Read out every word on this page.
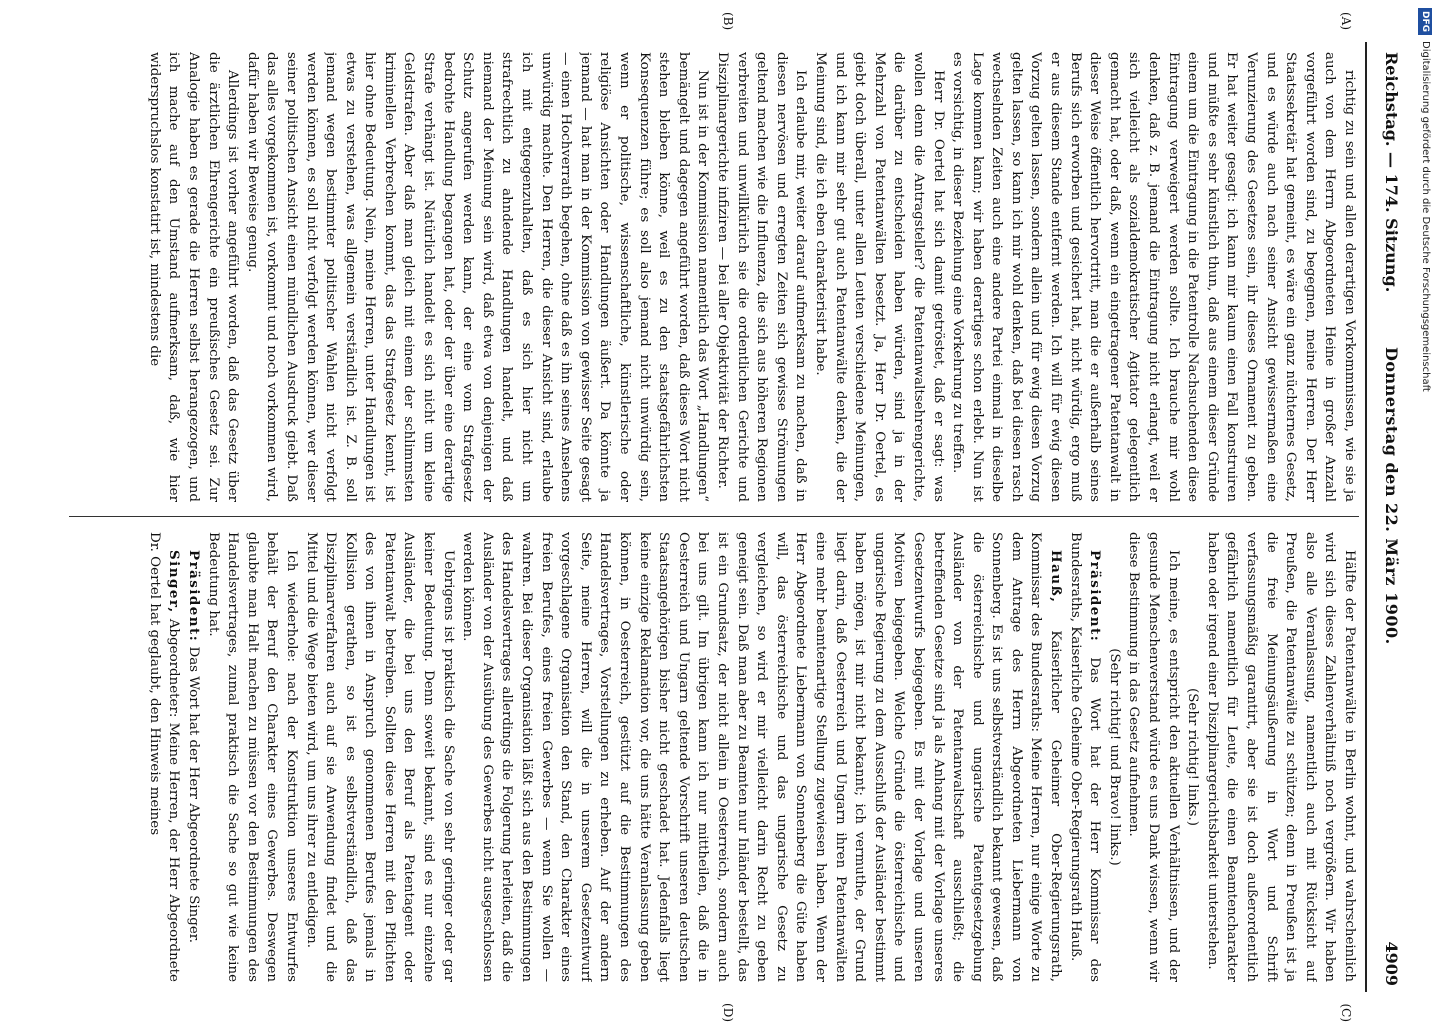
Reichstag. — 174. Sitzung.
Donnerstag den 22. März 1900.
4909
(A)
(B)
(C)
(D)

richtig zu sein und allen derartigen Vorkommnissen, wie sie ja auch von dem Herrn Abgeordneten Heine in großer Anzahl vorgeführt worden sind, zu begegnen, meine Herren. Der Herr Staatssekretär hat gemeint, es wäre ein ganz nüchternes Gesetz, und es würde auch nach seiner Ansicht gewissermaßen eine Verunzierung des Gesetzes sein, ihr dieses Ornament zu geben. Er hat weiter gesagt: ich kann mir kaum einen Fall konstruiren und müßte es sehr künstlich thun, daß aus einem dieser Gründe einem um die Eintragung in die Patentrolle Nachsuchenden diese Eintragung verweigert werden sollte. Ich brauche mir wohl denken, daß z. B. jemand die Eintragung nicht erlangt, weil er sich vielleicht als sozialdemokratischer Agitator gelegentlich gemacht hat, oder daß, wenn ein eingetragener Patentanwalt in dieser Weise öffentlich hervortritt, man die er außerhalb seines Berufs sich erworben und gesichert hat, nicht würdig, ergo muß er aus diesem Stande entfernt werden. Ich will für ewig diesen Vorzug gelten lassen, sondern allein und für ewig diesen Vorzug gelten lassen, so kann ich mir wohl denken, daß bei diesen rasch wechselnden Zeiten auch eine andere Partei einmal in dieselbe Lage kommen kann; wir haben derartiges schon erlebt. Nun ist es vorsichtig, in dieser Beziehung eine Vorkehrung zu treffen.

Herr Dr. Oertel hat sich damit getröstet, daß er sagt: was wollen denn die Antragsteller? die Patentanwaltsehrengerichte, die darüber zu entscheiden haben würden, sind ja in der Mehrzahl von Patentanwälten besetzt. Ja, Herr Dr. Oertel, es giebt doch überall, unter allen Leuten verschiedene Meinungen, und ich kann mir sehr gut auch Patentanwälte denken, die der Meinung sind, die ich eben charakterisirt habe.

Ich erlaube mir, weiter darauf aufmerksam zu machen, daß in diesen nervösen und erregten Zeiten sich gewisse Strömungen geltend machen wie die Influenza, die sich aus höheren Regionen verbreiten und unwillkürlich sie die ordentlichen Gerichte und Disziplinargerichte infiziren — bei aller Objektivität der Richter.

Nun ist in der Kommission namentlich das Wort „Handlungen“ bemängelt und dagegen angeführt worden, daß dieses Wort nicht stehen bleiben könne, weil es zu den staatsgefährlichsten Konsequenzen führe; es soll also jemand nicht unwürdig sein, wenn er politische, wissenschaftliche, künstlerische oder religiöse Ansichten oder Handlungen äußert. Da könnte ja jemand — hat man in der Kommission von gewisser Seite gesagt — einen Hochverrath begehen, ohne daß es ihn seines Ansehens unwürdig machte. Den Herren, die dieser Ansicht sind, erlaube ich mit entgegenzuhalten, daß es sich hier nicht um strafrechtlich zu ahndende Handlungen handelt, und daß niemand der Meinung sein wird, daß etwa von denjenigen der Schutz angerufen werden kann, der eine vom Strafgesetz bedrohte Handlung begangen hat, oder der über eine derartige Strafe verhängt ist. Natürlich handelt es sich nicht um kleine Geldstrafen. Aber daß man gleich mit einem der schlimmsten kriminellen Verbrechen kommt, das das Strafgesetz kennt, ist hier ohne Bedeutung. Nein, meine Herren, unter Handlungen ist etwas zu verstehen, was allgemein verständlich ist. Z. B. soll jemand wegen bestimmter politischer Wahlen nicht verfolgt werden können, es soll nicht verfolgt werden können, wer dieser seiner politischen Ansicht einen mündlichen Ausdruck giebt. Daß das alles vorgekommen ist, vorkommt und noch vorkommen wird, dafür haben wir Beweise genug.

Allerdings ist vorher angeführt worden, daß das Gesetz über die ärztlichen Ehrengerichte ein preußisches Gesetz sei. Zur Analogie haben es gerade die Herren selbst herangezogen, und ich mache auf den Umstand aufmerksam, daß, wie hier widerspruchslos konstatirt ist, mindestens die

Hälfte der Patentanwälte in Berlin wohnt, und wahrscheinlich wird sich dieses Zahlenverhältniß noch vergrößern. Wir haben also alle Veranlassung, namentlich auch mit Rücksicht auf Preußen, die Patentanwälte zu schützen; denn in Preußen ist ja die freie Meinungsäußerung in Wort und Schrift verfassungsmäßig garantirt, aber sie ist doch außerordentlich gefährlich namentlich für Leute, die einen Beamtencharakter haben oder irgend einer Disziplinargerichtsbarkeit unterstehen.

(Sehr richtig! links.)

Ich meine, es entspricht den aktuellen Verhältnissen, und der gesunde Menschenverstand würde es uns Dank wissen, wenn wir diese Bestimmung in das Gesetz aufnehmen.

(Sehr richtig! und Bravo! links.)

Präsident: Das Wort hat der Herr Kommissar des Bundesraths, Kaiserliche Geheime Ober-Regierungsrath Hauß.

Hauß, Kaiserlicher Geheimer Ober-Regierungsrath, Kommissar des Bundesraths: Meine Herren, nur einige Worte zu dem Antrage des Herrn Abgeordneten Liebermann von Sonnenberg. Es ist uns selbstverständlich bekannt gewesen, daß die österreichische und ungarische Patentgesetzgebung Ausländer von der Patentanwaltschaft ausschließt; die betreffenden Gesetze sind ja als Anhang mit der Vorlage unseres Gesetzentwurfs beigegeben. Es mit der Vorlage und unseren Motiven beigegeben. Welche Gründe die österreichische und ungarische Regierung zu dem Ausschluß der Ausländer bestimmt haben mögen, ist mir nicht bekannt; ich vermuthe, der Grund liegt darin, daß Oesterreich und Ungarn ihren Patentanwälten eine mehr beamtenartige Stellung zugewiesen haben. Wenn der Herr Abgeordnete Liebermann von Sonnenberg die Güte haben will, das österreichische und das ungarische Gesetz zu vergleichen, so wird er mir vielleicht darin Recht zu geben geneigt sein. Daß man aber zu Beamten nur Inländer bestellt, das ist ein Grundsatz, der nicht allein in Oesterreich, sondern auch bei uns gilt. Im übrigen kann ich nur mittheilen, daß die in Oesterreich und Ungarn geltende Vorschrift unseren deutschen Staatsangehörigen bisher nicht geschadet hat. Jedenfalls liegt keine einzige Reklamation vor, die uns hätte Veranlassung geben können, in Oesterreich, gestützt auf die Bestimmungen des Handelsvertrages, Vorstellungen zu erheben. Auf der andern Seite, meine Herren, will die in unserem Gesetzentwurf vorgeschlagene Organisation den Stand, den Charakter eines freien Berufes, eines freien Gewerbes — wenn Sie wollen — wahren. Bei dieser Organisation läßt sich aus den Bestimmungen des Handelsvertrages allerdings die Folgerung herleiten, daß die Ausländer von der Ausübung des Gewerbes nicht ausgeschlossen werden können.

Uebrigens ist praktisch die Sache von sehr geringer oder gar keiner Bedeutung. Denn soweit bekannt, sind es nur einzelne Ausländer, die bei uns den Beruf als Patentagent oder Patentanwalt betreiben. Sollten diese Herren mit den Pflichten des von ihnen in Anspruch genommenen Berufes jemals in Kollision gerathen, so ist es selbstverständlich, daß das Disziplinarverfahren auch auf sie Anwendung findet und die Mittel und die Wege bieten wird, um uns ihrer zu entledigen.

Ich wiederhole: nach der Konstruktion unseres Entwurfes behält der Beruf den Charakter eines Gewerbes. Deswegen glaubte man Halt machen zu müssen vor den Bestimmungen des Handelsvertrages, zumal praktisch die Sache so gut wie keine Bedeutung hat.

Präsident: Das Wort hat der Herr Abgeordnete Singer.

Singer, Abgeordneter: Meine Herren, der Herr Abgeordnete Dr. Oertel hat geglaubt, den Hinweis meines

DFGDigitalisierung gefördert durch die Deutsche Forschungsgemeinschaft
